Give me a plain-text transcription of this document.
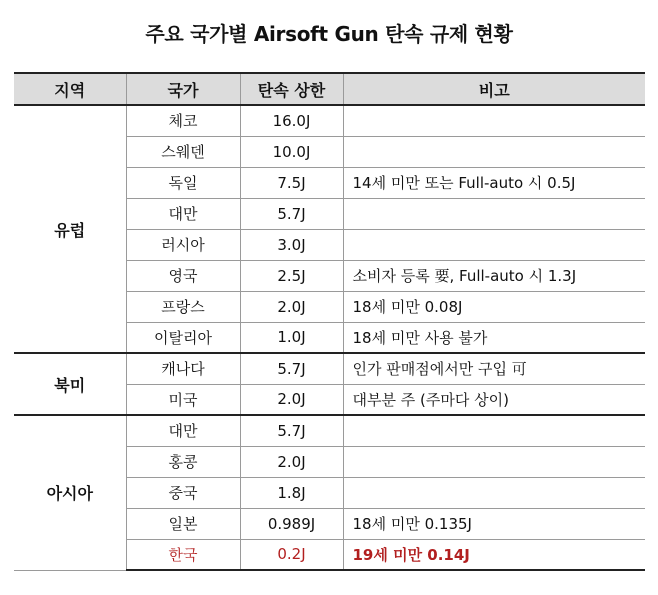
주요 국가별 Airsoft Gun 탄속 규제 현황
지역	국가	탄속 상한	비고
유럽	체코	16.0J	
	스웨덴	10.0J	
	독일	7.5J	14세 미만 또는 Full-auto 시 0.5J
	대만	5.7J	
	러시아	3.0J	
	영국	2.5J	소비자 등록 要, Full-auto 시 1.3J
	프랑스	2.0J	18세 미만 0.08J
	이탈리아	1.0J	18세 미만 사용 불가
북미	캐나다	5.7J	인가 판매점에서만 구입 可
	미국	2.0J	대부분 주 (주마다 상이)
아시아	대만	5.7J	
	홍콩	2.0J	
	중국	1.8J	
	일본	0.989J	18세 미만 0.135J
	한국	0.2J	19세 미만 0.14J
